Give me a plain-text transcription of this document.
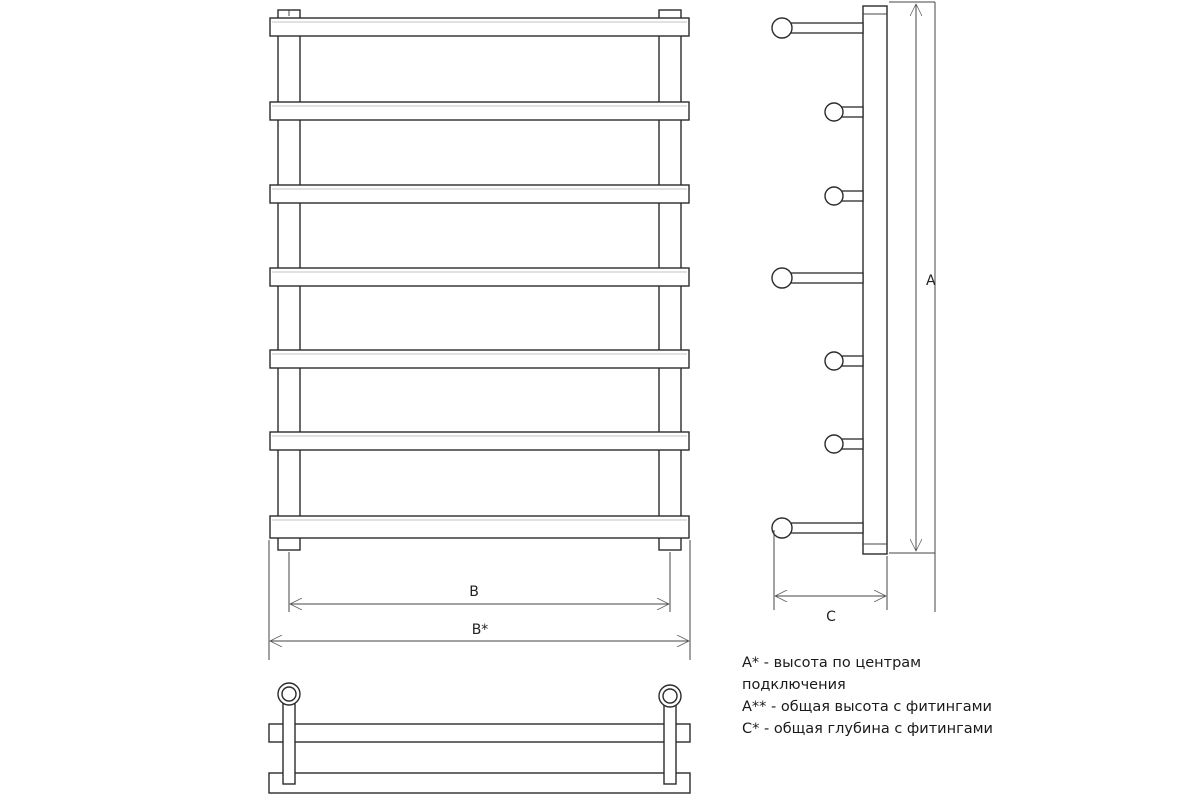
B
B*
A
C
A* - высота по центрам подключения
A** - общая высота с фитингами
С* - общая глубина с фитингами
